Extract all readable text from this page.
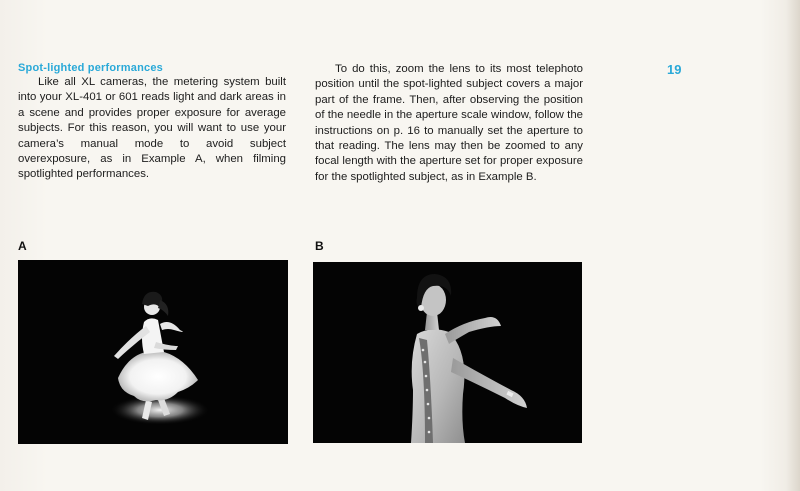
Spot-lighted performances	19

Like all XL cameras, the metering system built into your XL-401 or 601 reads light and dark areas in a scene and provides proper exposure for average subjects. For this reason, you will want to use your camera’s manual mode to avoid subject overexposure, as in Example A, when filming spotlighted performances.

To do this, zoom the lens to its most telephoto position until the spot-lighted subject covers a major part of the frame. Then, after observing the position of the needle in the aperture scale window, follow the instructions on p. 16 to manually set the aperture to that reading. The lens may then be zoomed to any focal length with the aperture set for proper exposure for the spotlighted subject, as in Example B.

A	B
